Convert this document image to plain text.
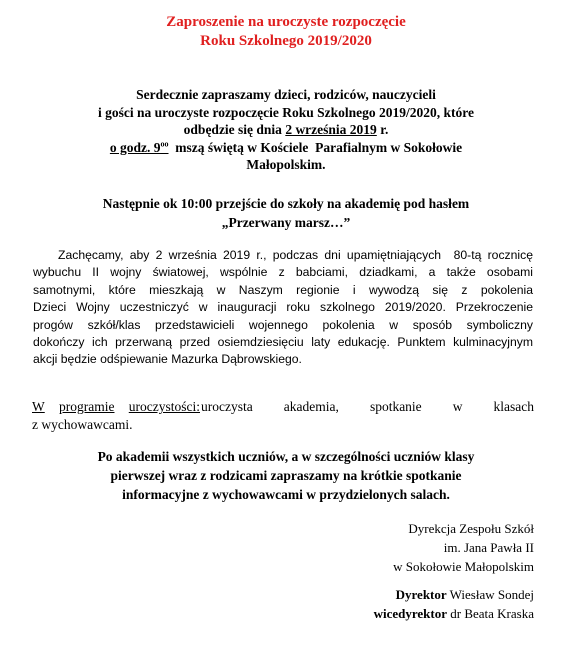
Zaproszenie na uroczyste rozpoczęcie
Roku Szkolnego 2019/2020
Serdecznie zapraszamy dzieci, rodziców, nauczycieli
i gości na uroczyste rozpoczęcie Roku Szkolnego 2019/2020, które
odbędzie się dnia 2 września 2019 r.
o godz. $9^{oo}$  mszą świętą w Kościele  Parafialnym w Sokołowie
Małopolskim.
Następnie ok 10:00 przejście do szkoły na akademię pod hasłem
„Przerwany marsz…”
Zachęcamy, aby 2 września 2019 r., podczas dni upamiętniających  80-tą rocznicę
wybuchu II wojny światowej, wspólnie z babciami, dziadkami, a także osobami
samotnymi, które mieszkają w Naszym regionie i wywodzą się z pokolenia
Dzieci Wojny uczestniczyć w inauguracji roku szkolnego 2019/2020. Przekroczenie
progów szkół/klas przedstawicieli wojennego pokolenia w sposób symboliczny
dokończy ich przerwaną przed osiemdziesięciu laty edukację. Punktem kulminacyjnym
akcji będzie odśpiewanie Mazurka Dąbrowskiego.
W programie uroczystości: uroczysta akademia, spotkanie w klasach
z wychowawcami.
Po akademii wszystkich uczniów, a w szczególności uczniów klasy
pierwszej wraz z rodzicami zapraszamy na krótkie spotkanie
informacyjne z wychowawcami w przydzielonych salach.
Dyrekcja Zespołu Szkół
im. Jana Pawła II
w Sokołowie Małopolskim
Dyrektor Wiesław Sondej
wicedyrektor dr Beata Kraska
